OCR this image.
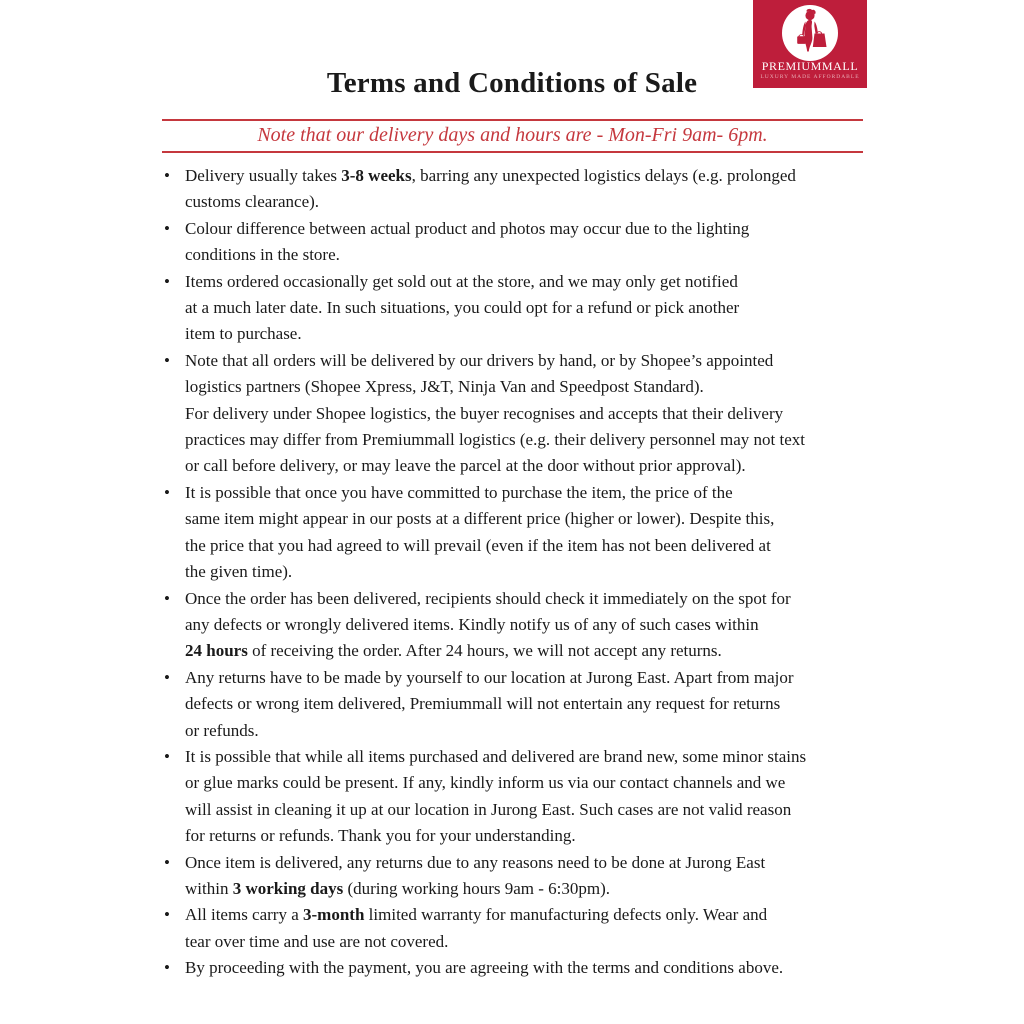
PREMIUMMALL
LUXURY MADE AFFORDABLE
Terms and Conditions of Sale
Note that our delivery days and hours are - Mon-Fri 9am- 6pm.
• Delivery usually takes 3-8 weeks, barring any unexpected logistics delays (e.g. prolonged
customs clearance).
• Colour difference between actual product and photos may occur due to the lighting
conditions in the store.
• Items ordered occasionally get sold out at the store, and we may only get notified
at a much later date. In such situations, you could opt for a refund or pick another
item to purchase.
• Note that all orders will be delivered by our drivers by hand, or by Shopee’s appointed
logistics partners (Shopee Xpress, J&T, Ninja Van and Speedpost Standard).
For delivery under Shopee logistics, the buyer recognises and accepts that their delivery
practices may differ from Premiummall logistics (e.g. their delivery personnel may not text
or call before delivery, or may leave the parcel at the door without prior approval).
• It is possible that once you have committed to purchase the item, the price of the
same item might appear in our posts at a different price (higher or lower). Despite this,
the price that you had agreed to will prevail (even if the item has not been delivered at
the given time).
• Once the order has been delivered, recipients should check it immediately on the spot for
any defects or wrongly delivered items. Kindly notify us of any of such cases within
24 hours of receiving the order. After 24 hours, we will not accept any returns.
• Any returns have to be made by yourself to our location at Jurong East. Apart from major
defects or wrong item delivered, Premiummall will not entertain any request for returns
or refunds.
• It is possible that while all items purchased and delivered are brand new, some minor stains
or glue marks could be present. If any, kindly inform us via our contact channels and we
will assist in cleaning it up at our location in Jurong East. Such cases are not valid reason
for returns or refunds. Thank you for your understanding.
• Once item is delivered, any returns due to any reasons need to be done at Jurong East
within 3 working days (during working hours 9am - 6:30pm).
• All items carry a 3-month limited warranty for manufacturing defects only. Wear and
tear over time and use are not covered.
• By proceeding with the payment, you are agreeing with the terms and conditions above.
